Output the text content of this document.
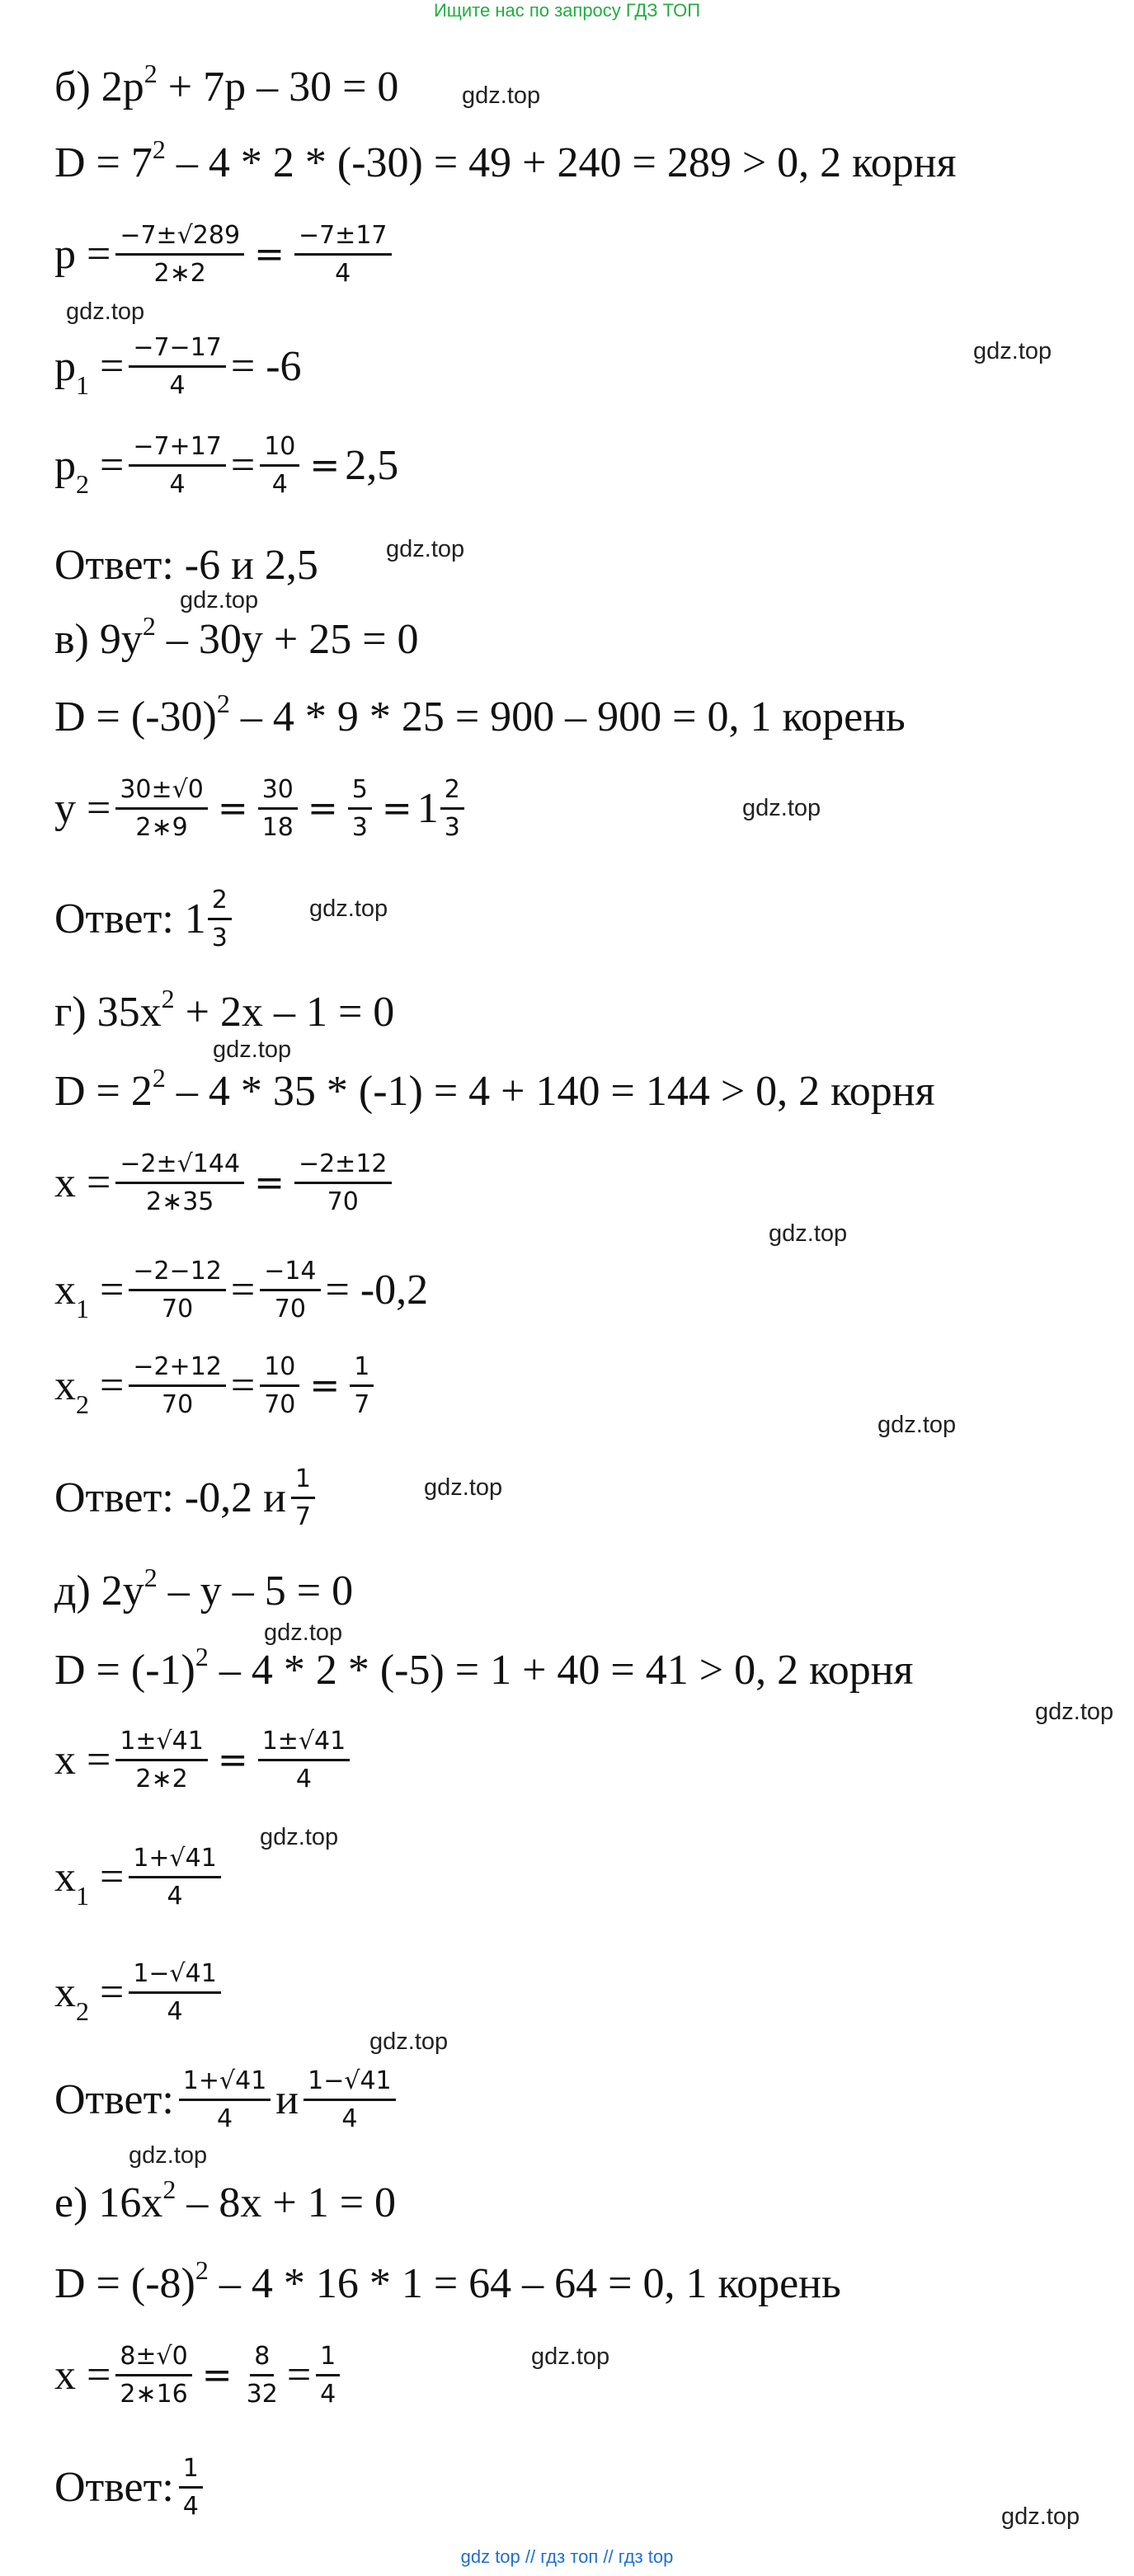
Ищите нас по запросу ГДЗ ТОП
gdz.top
gdz.top
gdz.top
gdz.top
gdz.top
gdz.top
gdz.top
gdz.top
gdz.top
gdz.top
gdz.top
gdz.top
gdz.top
gdz.top
gdz.top
gdz.top
gdz.top
gdz.top
б) $2p^2 + 7p - 30 = 0$
$D = 7^2 - 4 * 2 * (-30) = 49 + 240 = 289 > 0$, 2 корня
$p = \frac{-7\pm√289}{2∗2} = \frac{-7\pm 17}{4}$
$p_1 = \frac{-7-17}{4} = -6$
$p_2 = \frac{-7+17}{4} = \frac{10}{4} = 2,5$
Ответ: -6 и 2,5
в) $9y^2 - 30y + 25 = 0$
$D = (-30)^2 - 4 * 9 * 25 = 900 - 900 = 0$, 1 корень
$y = \frac{30\pm√0}{2∗9} = \frac{30}{18} = \frac{5}{3} = 1 \frac{2}{3}$
Ответ: $1 \frac{2}{3}$
г) $35x^2 + 2x - 1 = 0$
$D = 2^2 - 4 * 35 * (-1) = 4 + 140 = 144 > 0$, 2 корня
$x = \frac{-2\pm√144}{2∗35} = \frac{-2\pm 12}{70}$
$x_1 = \frac{-2-12}{70} = \frac{-14}{70} = -0,2$
$x_2 = \frac{-2+12}{70} = \frac{10}{70} = \frac{1}{7}$
Ответ: -0,2 и $\frac{1}{7}$
д) $2y^2 - y - 5 = 0$
$D = (-1)^2 - 4 * 2 * (-5) = 1 + 40 = 41 > 0$, 2 корня
$x = \frac{1\pm√41}{2∗2} = \frac{1\pm√41}{4}$
$x_1 = \frac{1+√41}{4}$
$x_2 = \frac{1-√41}{4}$
Ответ: $\frac{1+√41}{4}$ и $\frac{1-√41}{4}$
е) $16x^2 - 8x + 1 = 0$
$D = (-8)^2 - 4 * 16 * 1 = 64 - 64 = 0$, 1 корень
$x = \frac{8\pm√0}{2∗16} = \frac{8}{32} = \frac{1}{4}$
Ответ: $\frac{1}{4}$
gdz top // гдз топ // гдз top
